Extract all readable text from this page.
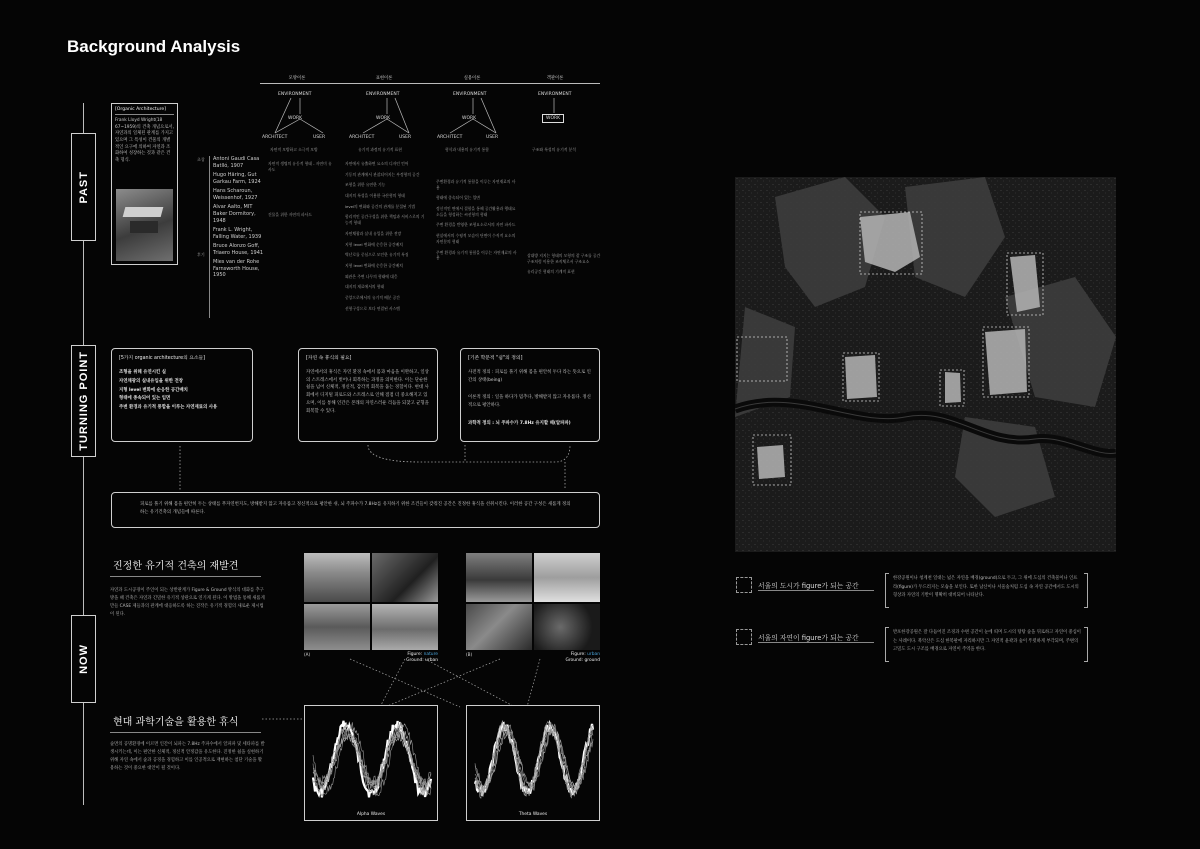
Background Analysis
PAST
TURNING POINT
NOW
[Organic Architecture]
Frank Lloyd Wright(18 67~1959)의 건축 개념으로서, 자연과의 일체된 관계를 가지고 있으며 그 특성이 건물의 개별적인 요구에 의하여 자연과 조화하여 성장하는 것과 같은 건축 형식.	초창
후기
Antoni Gaudi Casa Batlló, 1907
Hugo Häring, Gut Garkau Farm, 1924
Hans Scharoun, Weissenhof, 1927
Alvar Aalto, MIT Baker Dormitory, 1948
Frank L. Wright, Falling Water, 1939
Bruce Alonzo Goff, Triaero House, 1941
Mies van der Rohe Farnsworth House, 1950
모방이론
ENVIRONMENT
WORK
ARCHITECT	USER
자연적 모방하고 소극적 모방
자연적 생명의 유동적 형태 - 자연미 유사도
건물을 위한 자연의 파사드
표현이론
ENVIRONMENT
WORK
ARCHITECT	USER
유기적 과정의 유기적 표현
자연에서 유출하면 요소의 디자인 언어
기둥의 관계에서 관찰되어지는 부정형의 공간
조형을 위한 유연한 기능
대지의 특성을 이용한 국산형의 형태
level의 변화와 공간의 관계를 분절된 기법
합리적인 공간구성을 위한 책임과 서비스로의 기능적 형태
자연채광과 실내 유입을 위한 전망
지형 level 변화에 순응한 공간배치
벽난로를 중심으로 모인한 유기적 특징
지형 level 변화에 순응한 공간배치
외관은 주변 나무의 형태에 대응
대지의 재료에서의 형태
중앙으로에서의 유기적 배분 공간
선형구성으로 보다 연결된 사스템
실용이론
ENVIRONMENT
WORK
ARCHITECT	USER
형식과 내용의 유기적 통합
주변환경과 유기적 통합을 이루는 자연재료의 사용
형태에 종속되어 있는 입면
정신적인 면에서 결합을 통해 공간활용과 행태요소들을 형성하는 씨선형의 형태
주변 환경을 반영한 조형요소로서의 자연 파사드
현실에서의 수평적 모습이 단면이 수직적 요소의 자연분의 형태
주변 환경과 유기적 통합을 이루는 자연재료의 사용
객관이론
ENVIRONMENT
WORK
구조와 특성의 유기적 분석
상대방 지지는 형태의 모형의 잘 구조를 공간구조처럼 이용한 조직체로서 구조요소
유리공간 형태의 기계적 표현
[5가지 organic architecture의 요소들]
조형을 위해 유연시킨 실
자연채광의 실내유입을 위한 전창
지형 level 변화에 순응한 공간배치
형태에 종속되어 있는 입면
주변 환경과 유기적 통합을 이루는 자연재료의 사용
[자연 속 휴식의 필요]

자연에서의 휴식은 자연 환경 속에서 몸과 마음을 이완하고, 일상의 스트레스에서 벗어나 회복하는 과정을 의미한다. 이는 단순한 쉼을 넘어 신체적, 정신적, 감각적 회복을 돕는 경험이다. 현대 사회에서 디지털 피로도와 스트레스로 인해 점점 더 중요해지고 있으며, 이를 통해 인간은 본래의 자연스러운 리듬을 되찾고 균형을 회복할 수 있다.

[기존 학문적 "쉼"의 정의]

사전적 정의 : 피로를 풀기 위해 몸을 편안히 두다 라는 뜻으로 인간의 상태(being)

이론적 정의 : 일을 하다가 멈추다, 방해받지 않고 자유롭다. 정신적으로 평안하다.

과학적 정의 : 뇌 주파수가 7.8Hz 유지할 때(알파파)

피로를 풀기 위해 몸을 편안히 두는 상태를 무자연번지도, 방해받지 않고 자유롭고 정신적으로 평안한 쉬, 뇌 주파수가 7.8Hz를 유지하기 위한 조건들이 갖춰진 공간은 진정한 휴식을 선취시킨다. 이러한 공간 구성은 새롭게 정의하는 유기건축의 개념들에 따른다.
진정한 유기적 건축의 재발견
자연과 도시공경이 주인이 되는 상반관계가 Figure & Ground 방식의 대화를 추구 방을 때 건축은 자연과 긴밀한 유기적 상관으로 연기게 된다. 이 방법을 통해 새롭게 만들 CASE 제들과의 관계에 대응하도록 하는 진작은 유기적 경험의 새로운 제시법이 된다.
(A)	Figure: nature
Ground: urban
(B)	Figure: urban
Ground: ground
현대 과학기술을 활용한 휴식
숲면의 공명환경에 이르면 인간이 뇌파는 7.8Hz 주파수에서 알파파 및 세타파를 발생시키는데, 이는 편안한 신체적, 정신적 안정감을 유도한다. 진정한 쉼을 실현하기 위해 자연 속에서 숲과 공경을 경험하고 이를 인공적으로 재현하는 첨단 기술을 활용하는 것이 중요한 대안이 될 것이다.
Alpha Waves	Theta Waves
서울의 도시가 figure가 되는 공간
한강공원이나 청계천 일대는 넓은 자연을 배경(ground)으로 두고, 그 위에 도심의 건축물이나 인프라(figure)가 두드러지는 모습을 보인다. 또한 남산이나 서울숲처럼 도심 속 자연 공간에서도 도시의 형상과 자연의 기반이 명확히 대비되어 나타난다.
서울의 자연이 figure가 되는 공간
반포한강공원은 잘 다듬어진 조경과 수변 공간이 눈에 띄며 도시의 탕탕 숲을 뒤로하고 자연이 중심이는 사례이다. 북악산은 도심 한복판에 자리하지만 그 자연적 윤곽과 숲이 뚜렷하게 부각되며, 주변의 고밀도 도시 구조를 배경으로 자연이 주역을 한다.
